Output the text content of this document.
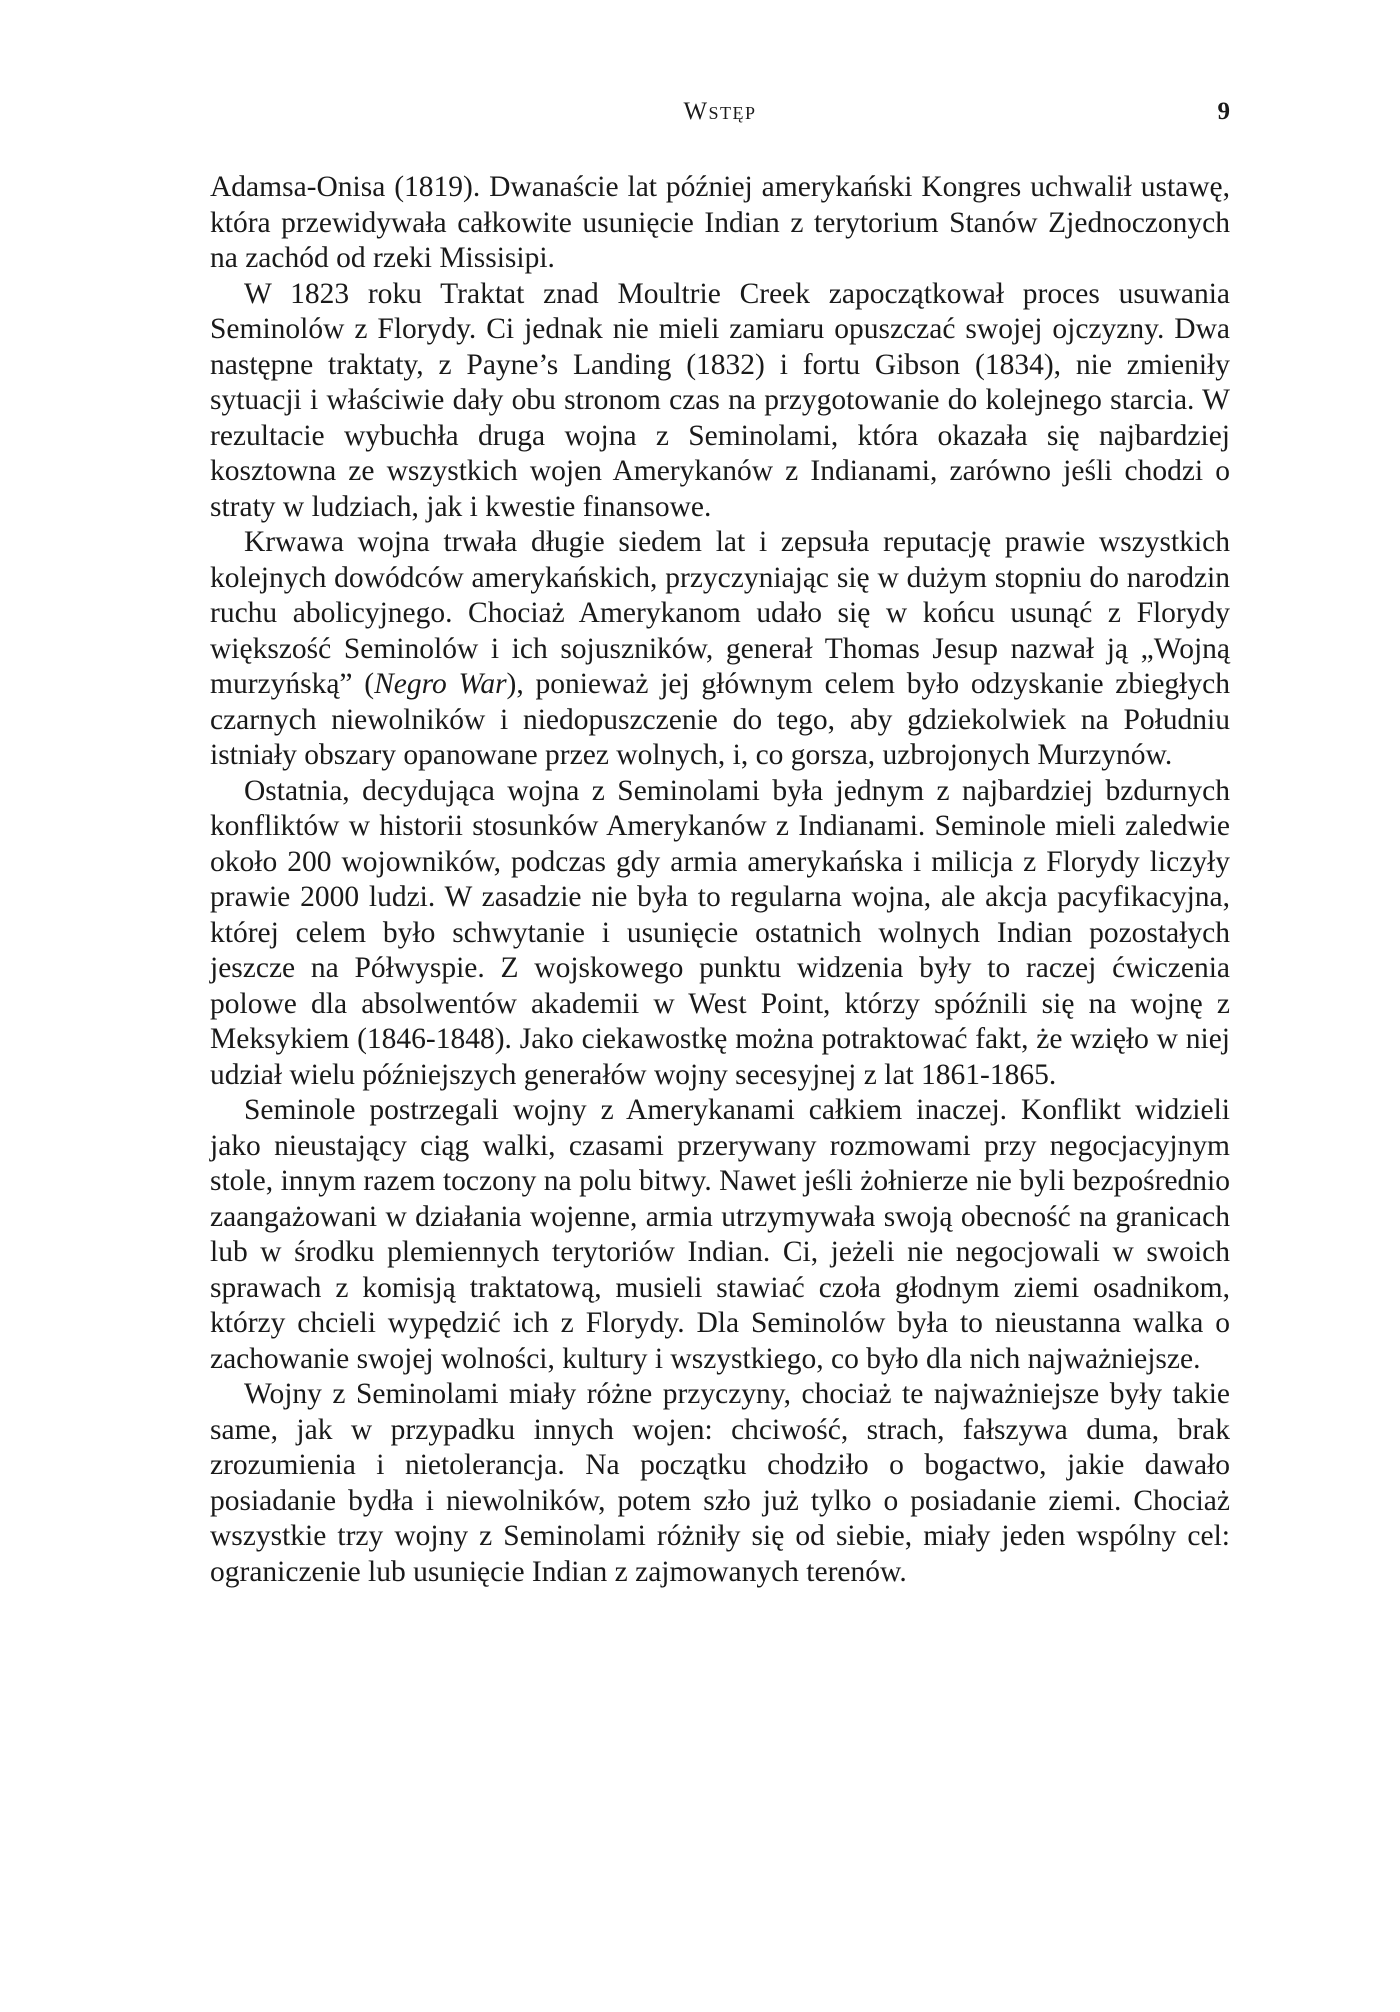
Wstęp	9

Adamsa-Onisa (1819). Dwanaście lat później amerykański Kongres uchwalił ustawę, która przewidywała całkowite usunięcie Indian z terytorium Stanów Zjednoczonych na zachód od rzeki Missisipi.

W 1823 roku Traktat znad Moultrie Creek zapoczątkował proces usuwania Seminolów z Florydy. Ci jednak nie mieli zamiaru opuszczać swojej ojczyzny. Dwa następne traktaty, z Payne’s Landing (1832) i fortu Gibson (1834), nie zmieniły sytuacji i właściwie dały obu stronom czas na przygotowanie do kolejnego starcia. W rezultacie wybuchła druga wojna z Seminolami, która okazała się najbardziej kosztowna ze wszystkich wojen Amerykanów z Indianami, zarówno jeśli chodzi o straty w ludziach, jak i kwestie finansowe.

Krwawa wojna trwała długie siedem lat i zepsuła reputację prawie wszystkich kolejnych dowódców amerykańskich, przyczyniając się w dużym stopniu do narodzin ruchu abolicyjnego. Chociaż Amerykanom udało się w końcu usunąć z Florydy większość Seminolów i ich sojuszników, generał Thomas Jesup nazwał ją „Wojną murzyńską” (Negro War), ponieważ jej głównym celem było odzyskanie zbiegłych czarnych niewolników i niedopuszczenie do tego, aby gdziekolwiek na Południu istniały obszary opanowane przez wolnych, i, co gorsza, uzbrojonych Murzynów.

Ostatnia, decydująca wojna z Seminolami była jednym z najbardziej bzdurnych konfliktów w historii stosunków Amerykanów z Indianami. Seminole mieli zaledwie około 200 wojowników, podczas gdy armia amerykańska i milicja z Florydy liczyły prawie 2000 ludzi. W zasadzie nie była to regularna wojna, ale akcja pacyfikacyjna, której celem było schwytanie i usunięcie ostatnich wolnych Indian pozostałych jeszcze na Półwyspie. Z wojskowego punktu widzenia były to raczej ćwiczenia polowe dla absolwentów akademii w West Point, którzy spóźnili się na wojnę z Meksykiem (1846-1848). Jako ciekawostkę można potraktować fakt, że wzięło w niej udział wielu późniejszych generałów wojny secesyjnej z lat 1861-1865.

Seminole postrzegali wojny z Amerykanami całkiem inaczej. Konflikt widzieli jako nieustający ciąg walki, czasami przerywany rozmowami przy negocjacyjnym stole, innym razem toczony na polu bitwy. Nawet jeśli żołnierze nie byli bezpośrednio zaangażowani w działania wojenne, armia utrzymywała swoją obecność na granicach lub w środku plemiennych terytoriów Indian. Ci, jeżeli nie negocjowali w swoich sprawach z komisją traktatową, musieli stawiać czoła głodnym ziemi osadnikom, którzy chcieli wypędzić ich z Florydy. Dla Seminolów była to nieustanna walka o zachowanie swojej wolności, kultury i wszystkiego, co było dla nich najważniejsze.

Wojny z Seminolami miały różne przyczyny, chociaż te najważniejsze były takie same, jak w przypadku innych wojen: chciwość, strach, fałszywa duma, brak zrozumienia i nietolerancja. Na początku chodziło o bogactwo, jakie dawało posiadanie bydła i niewolników, potem szło już tylko o posiadanie ziemi. Chociaż wszystkie trzy wojny z Seminolami różniły się od siebie, miały jeden wspólny cel: ograniczenie lub usunięcie Indian z zajmowanych terenów.
